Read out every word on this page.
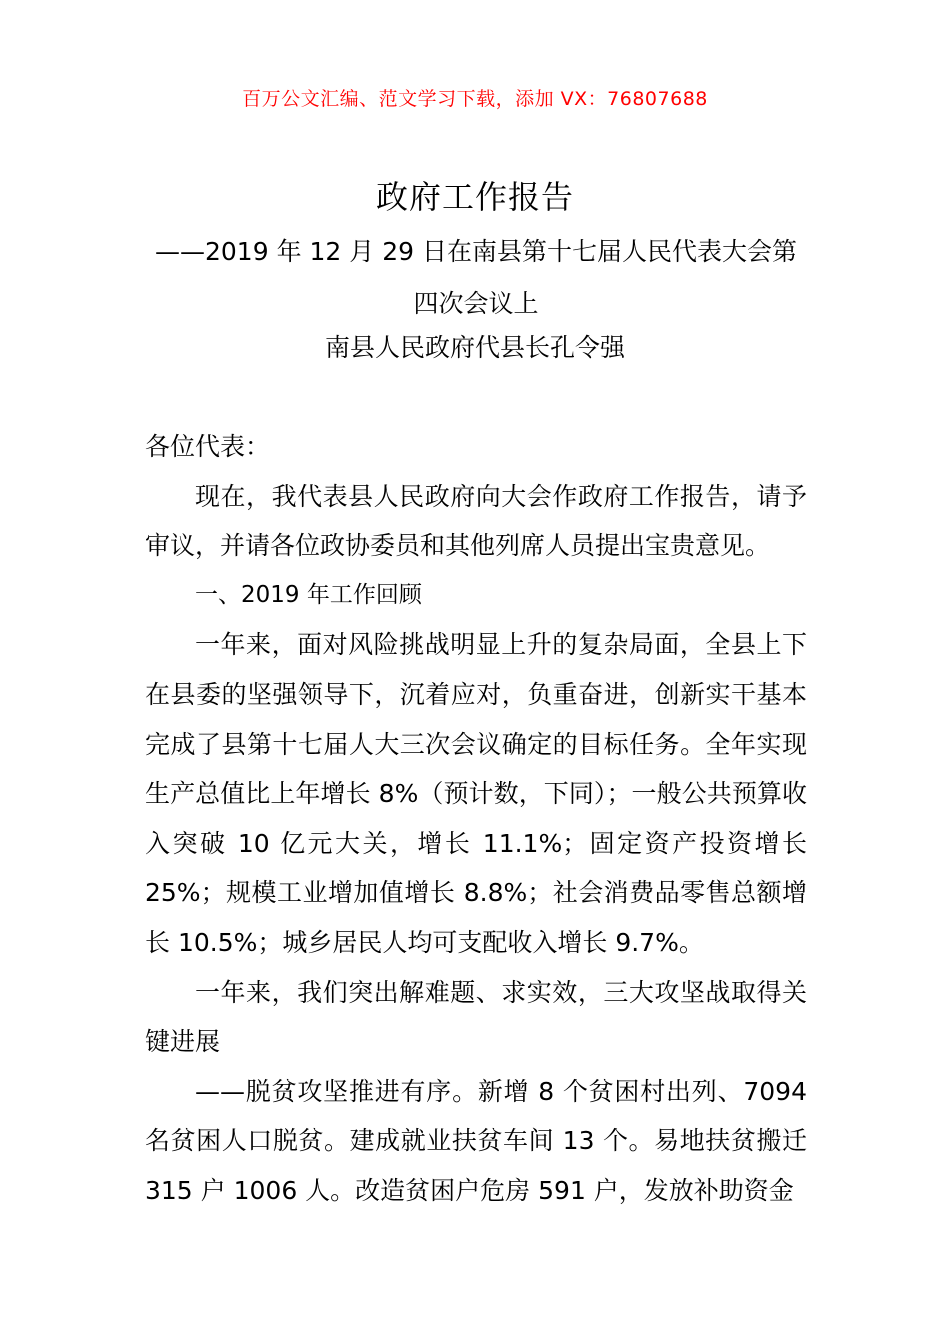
百万公文汇编、范文学习下载，添加 VX：76807688
政府工作报告
——2019 年 12 月 29 日在南县第十七届人民代表大会第四次会议上
南县人民政府代县长孔令强

各位代表：

现在，我代表县人民政府向大会作政府工作报告，请予审议，并请各位政协委员和其他列席人员提出宝贵意见。

一、2019 年工作回顾

一年来，面对风险挑战明显上升的复杂局面，全县上下在县委的坚强领导下，沉着应对，负重奋进，创新实干基本完成了县第十七届人大三次会议确定的目标任务。全年实现生产总值比上年增长 8%（预计数，下同）；一般公共预算收入突破 10 亿元大关，增长 11.1%；固定资产投资增长 25%；规模工业增加值增长 8.8%；社会消费品零售总额增长 10.5%；城乡居民人均可支配收入增长 9.7%。

一年来，我们突出解难题、求实效，三大攻坚战取得关键进展

——脱贫攻坚推进有序。新增 8 个贫困村出列、7094 名贫困人口脱贫。建成就业扶贫车间 13 个。易地扶贫搬迁 315 户 1006 人。改造贫困户危房 591 户，发放补助资金
